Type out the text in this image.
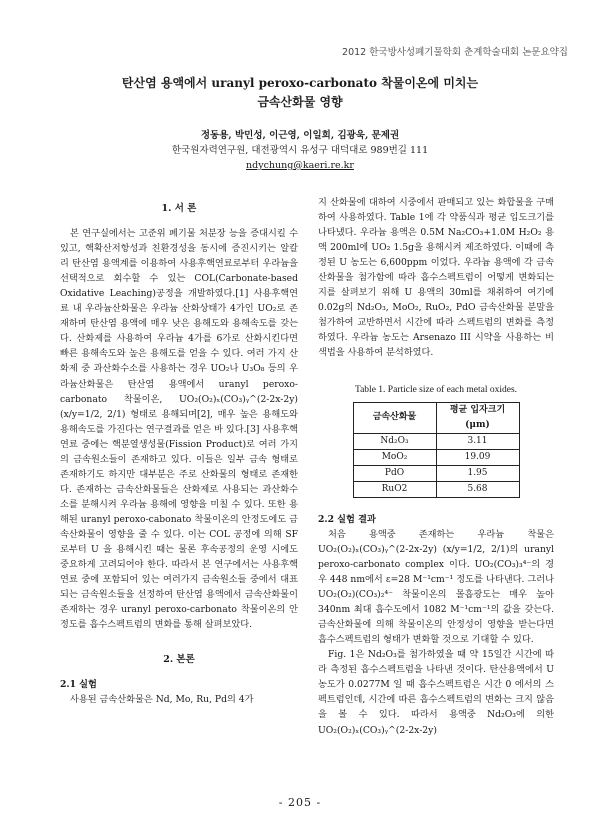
2012 한국방사성폐기물학회 춘계학술대회 논문요약집
탄산염 용액에서 uranyl peroxo-carbonato 착물이온에 미치는
금속산화물 영향
정동용, 박민성, 이근영, 이일희, 김광욱, 문제권
한국원자력연구원, 대전광역시 유성구 대덕대로 989번길 111
ndychung@kaeri.re.kr
1. 서 론

본 연구실에서는 고준위 폐기물 처분장 능을 증대시킬 수 있고, 핵확산저항성과 친환경성을 동시에 증진시키는 알칼리 탄산염 용액계를 이용하여 사용후핵연료로부터 우라늄을 선택적으로 회수할 수 있는 COL(Carbonate-based Oxidative Leaching)공정을 개발하였다.[1] 사용후핵연료 내 우라늄산화물은 우라늄 산화상태가 4가인 UO₂로 존재하며 탄산염 용액에 매우 낮은 용해도와 용해속도를 갖는다. 산화제를 사용하여 우라늄 4가를 6가로 산화시킨다면 빠른 용해속도와 높은 용해도를 얻을 수 있다. 여러 가지 산화제 중 과산화수소를 사용하는 경우 UO₂나 U₃O₈ 등의 우라늄산화물은 탄산염 용액에서 uranyl peroxo-carbonato 착물이온, UO₂(O₂)ₓ(CO₃)ᵧ^(2-2x-2y) (x/y=1/2, 2/1) 형태로 용해되며[2], 매우 높은 용해도와 용해속도를 가진다는 연구결과를 얻은 바 있다.[3] 사용후핵연료 중에는 핵분열생성물(Fission Product)로 여러 가지의 금속원소들이 존재하고 있다. 이들은 일부 금속 형태로 존재하기도 하지만 대부분은 주로 산화물의 형태로 존재한다. 존재하는 금속산화물들은 산화제로 사용되는 과산화수소를 분해시켜 우라늄 용해에 영향을 미칠 수 있다. 또한 용해된 uranyl peroxo-cabonato 착물이온의 안정도에도 금속산화물이 영향을 줄 수 있다. 이는 COL 공정에 의해 SF로부터 U 을 용해시킨 때는 물론 후속공정의 운영 시에도 중요하게 고려되어야 한다. 따라서 본 연구에서는 사용후핵연료 중에 포함되어 있는 여러가지 금속원소들 중에서 대표되는 금속원소들을 선정하여 탄산염 용액에서 금속산화물이 존재하는 경우 uranyl peroxo-carbonato 착물이온의 안정도를 흡수스펙트럼의 변화를 통해 살펴보았다.

2. 본론
2.1 실험

사용된 금속산화물은 Nd, Mo, Ru, Pd의 4가

지 산화물에 대하여 시중에서 판매되고 있는 화합물을 구매하여 사용하였다. Table 1에 각 약품식과 평균 입도크기를 나타냈다. 우라늄 용액은 0.5M Na₂CO₃+1.0M H₂O₂ 용액 200ml에 UO₂ 1.5g을 용해시켜 제조하였다. 이때에 측정된 U 농도는 6,600ppm 이었다. 우라늄 용액에 각 금속산화물을 첨가함에 따라 흡수스펙트럼이 어떻게 변화되는 지를 살펴보기 위해 U 용액의 30ml를 채취하여 여기에 0.02g의 Nd₂O₃, MoO₂, RuO₂, PdO 금속산화물 분말을 첨가하여 교반하면서 시간에 따라 스펙트럼의 변화를 측정하였다. 우라늄 농도는 Arsenazo III 시약을 사용하는 비색법을 사용하여 분석하였다.

Table 1. Particle size of each metal oxides.
금속산화물	평균 입자크기 (μm)
Nd₂O₃	3.11
MoO₂	19.09
PdO	1.95
RuO2	5.68
2.2 실험 결과

처음 용액중 존재하는 우라늄 착물은 UO₂(O₂)ₓ(CO₃)ᵧ^(2-2x-2y) (x/y=1/2, 2/1)의 uranyl peroxo-carbonato complex 이다. UO₂(CO₃)₃⁴⁻의 경우 448 nm에서 ε=28 M⁻¹cm⁻¹ 정도를 나타낸다. 그러나 UO₂(O₂)(CO₃)₂⁴⁻ 착물이온의 몰흡광도는 매우 높아 340nm 최대 흡수도에서 1082 M⁻¹cm⁻¹의 값을 갖는다. 금속산화물에 의해 착물이온의 안정성이 영향을 받는다면 흡수스펙트럼의 형태가 변화할 것으로 기대할 수 있다.

Fig. 1은 Nd₂O₃를 첨가하였을 때 약 15일간 시간에 따라 측정된 흡수스펙트럼을 나타낸 것이다. 탄산용액에서 U 농도가 0.0277M 일 때 흡수스펙트럼은 시간 0 에서의 스펙트럼인데, 시간에 따른 흡수스펙트럼의 변화는 크지 않음을 볼 수 있다. 따라서 용액중 Nd₂O₃에 의한 UO₂(O₂)ₓ(CO₃)ᵧ^(2-2x-2y)

- 205 -
